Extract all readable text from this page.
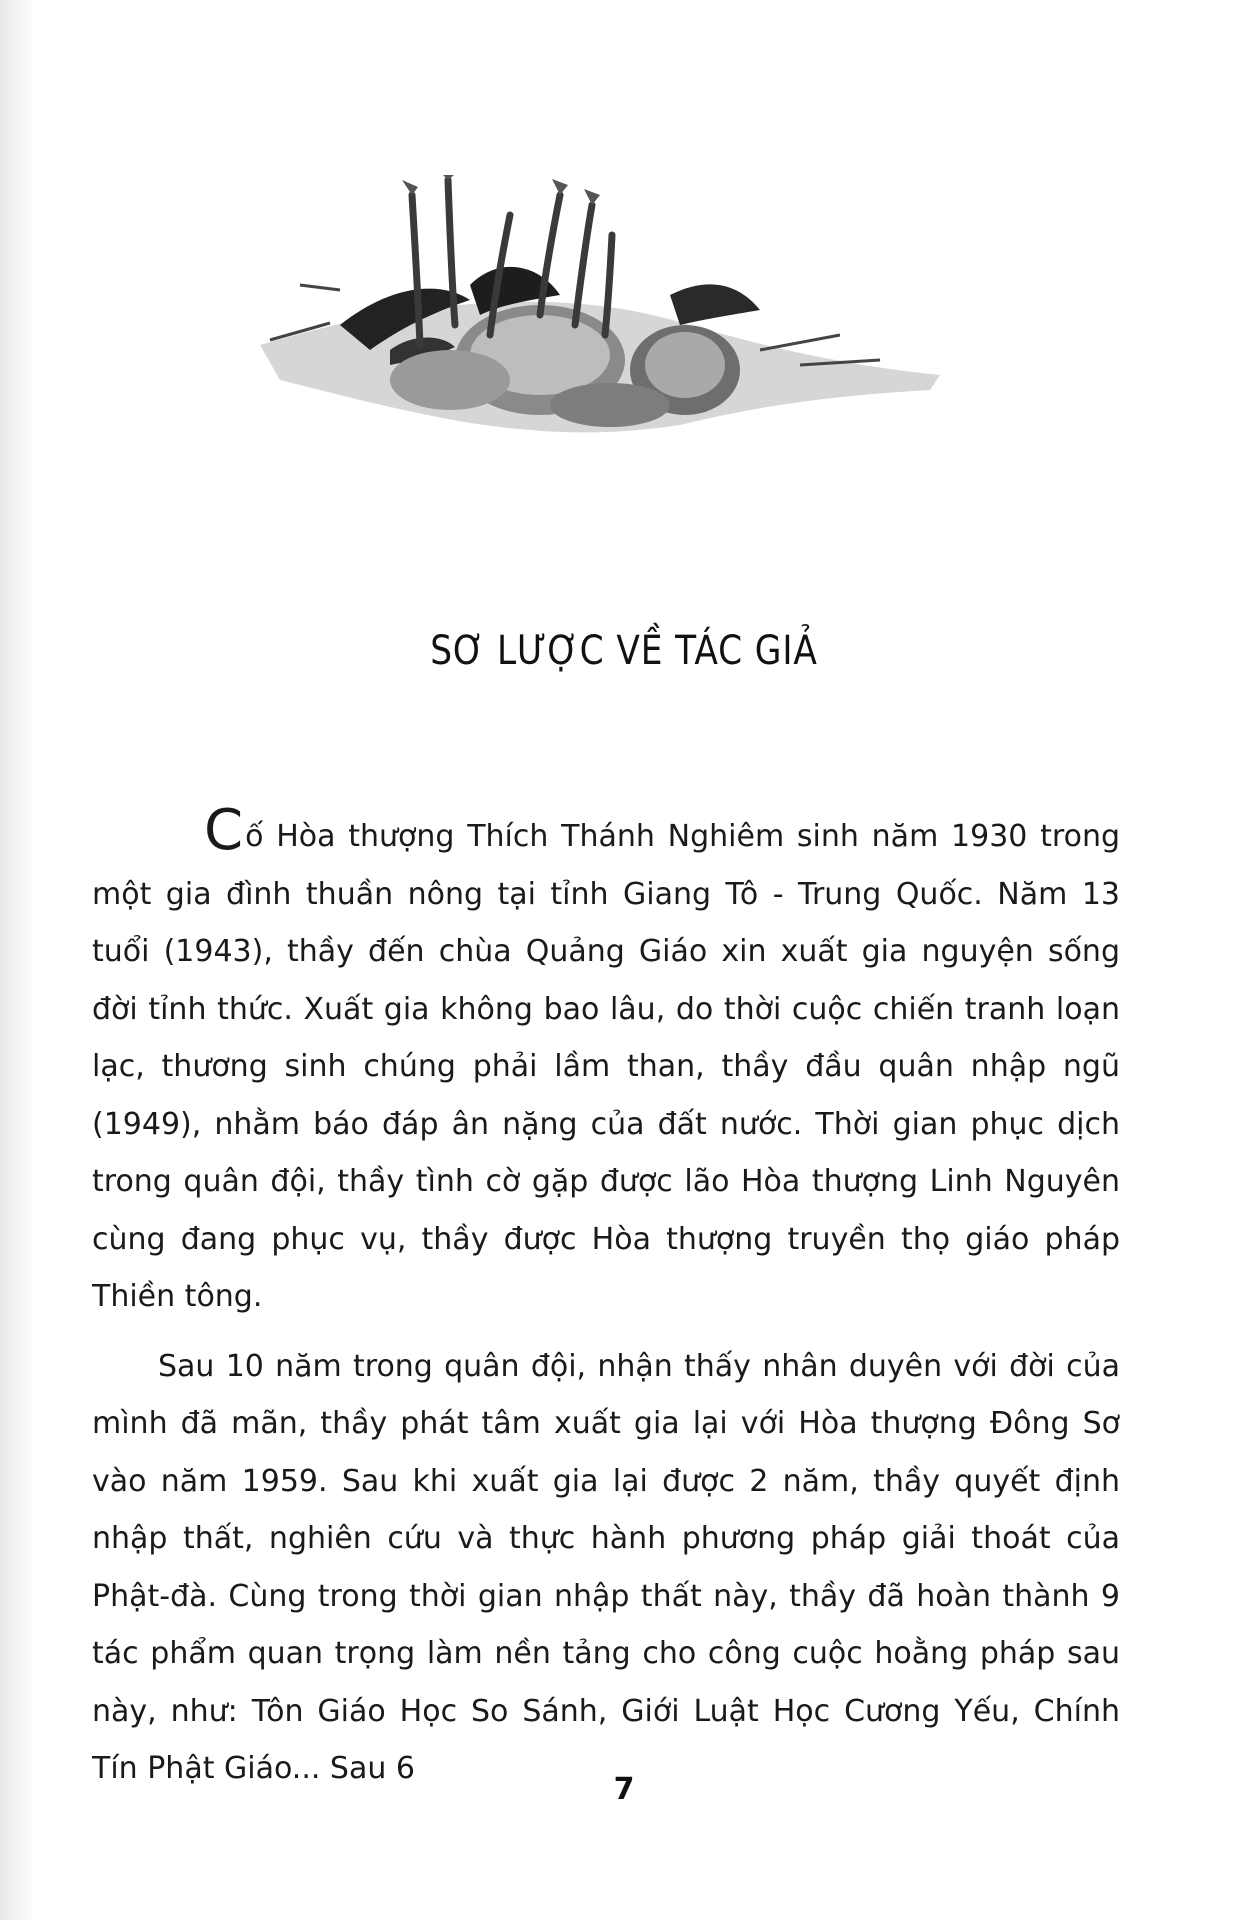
SƠ LƯỢC VỀ TÁC GIẢ

Cố Hòa thượng Thích Thánh Nghiêm sinh năm 1930 trong một gia đình thuần nông tại tỉnh Giang Tô - Trung Quốc. Năm 13 tuổi (1943), thầy đến chùa Quảng Giáo xin xuất gia nguyện sống đời tỉnh thức. Xuất gia không bao lâu, do thời cuộc chiến tranh loạn lạc, thương sinh chúng phải lầm than, thầy đầu quân nhập ngũ (1949), nhằm báo đáp ân nặng của đất nước. Thời gian phục dịch trong quân đội, thầy tình cờ gặp được lão Hòa thượng Linh Nguyên cùng đang phục vụ, thầy được Hòa thượng truyền thọ giáo pháp Thiền tông.

Sau 10 năm trong quân đội, nhận thấy nhân duyên với đời của mình đã mãn, thầy phát tâm xuất gia lại với Hòa thượng Đông Sơ vào năm 1959. Sau khi xuất gia lại được 2 năm, thầy quyết định nhập thất, nghiên cứu và thực hành phương pháp giải thoát của Phật-đà. Cùng trong thời gian nhập thất này, thầy đã hoàn thành 9 tác phẩm quan trọng làm nền tảng cho công cuộc hoằng pháp sau này, như: Tôn Giáo Học So Sánh, Giới Luật Học Cương Yếu, Chính Tín Phật Giáo... Sau 6

7
